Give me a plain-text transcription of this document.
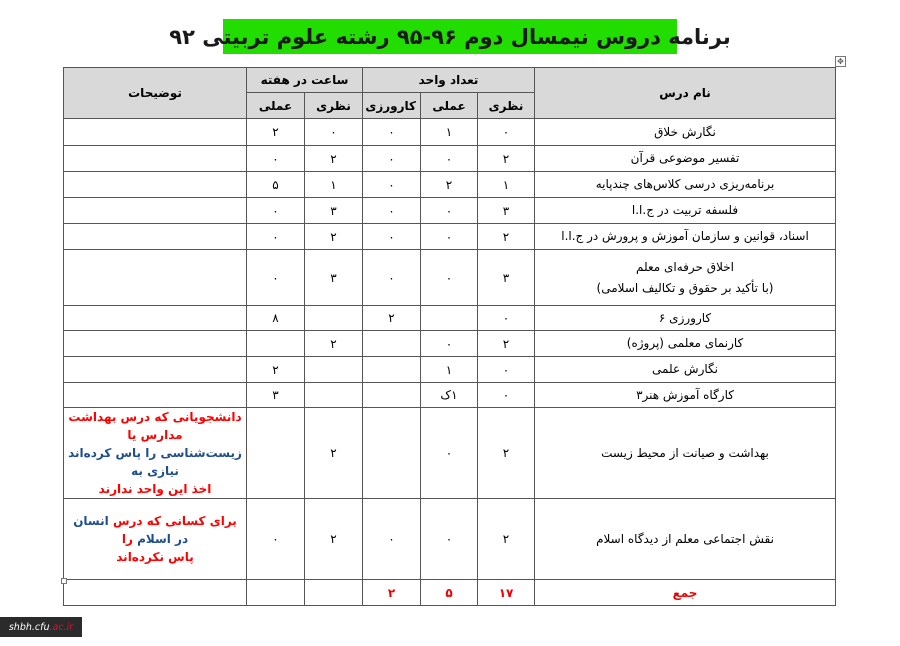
برنامه دروس نیمسال دوم ۹۶-۹۵ رشته علوم تربیتی ۹۲
✥
نام درس	تعداد واحد			ساعت در هفته		توضیحات
	نظری	عملی	کارورزی	نظری	عملی	
نگارش خلاق	۰	۱	۰	۰	۲	
تفسیر موضوعی قرآن	۲	۰	۰	۲	۰	
برنامه‌ریزی درسی کلاس‌های چندپایه	۱	۲	۰	۱	۵	
فلسفه تربیت در ج.ا.ا	۳	۰	۰	۳	۰	
اسناد، قوانین و سازمان آموزش و پرورش در ج.ا.ا	۲	۰	۰	۲	۰	

اخلاق حرفه‌ای معلم
(با تأکید بر حقوق و تکالیف اسلامی)	۳	۰	۰	۳	۰	
کارورزی ۶	۰		۲		۸	
کارنمای معلمی (پروژه)	۲	۰		۲		
نگارش علمی	۰	۱			۲	
کارگاه آموزش هنر۳	۰	۱ک			۳	
بهداشت و صیانت از محیط زیست	۲	۰		۲		دانشجویانی که درس بهداشت مدارس یا
زیست‌شناسی را پاس کرده‌اند نیازی به
اخذ این واحد ندارند

نقش اجتماعی معلم از دیدگاه اسلام	۲	۰	۰	۲	۰	برای کسانی که درس انسان در اسلام را
پاس نکرده‌اند

جمع	۱۷	۵	۲			
shbh.cfu .ac.ir
